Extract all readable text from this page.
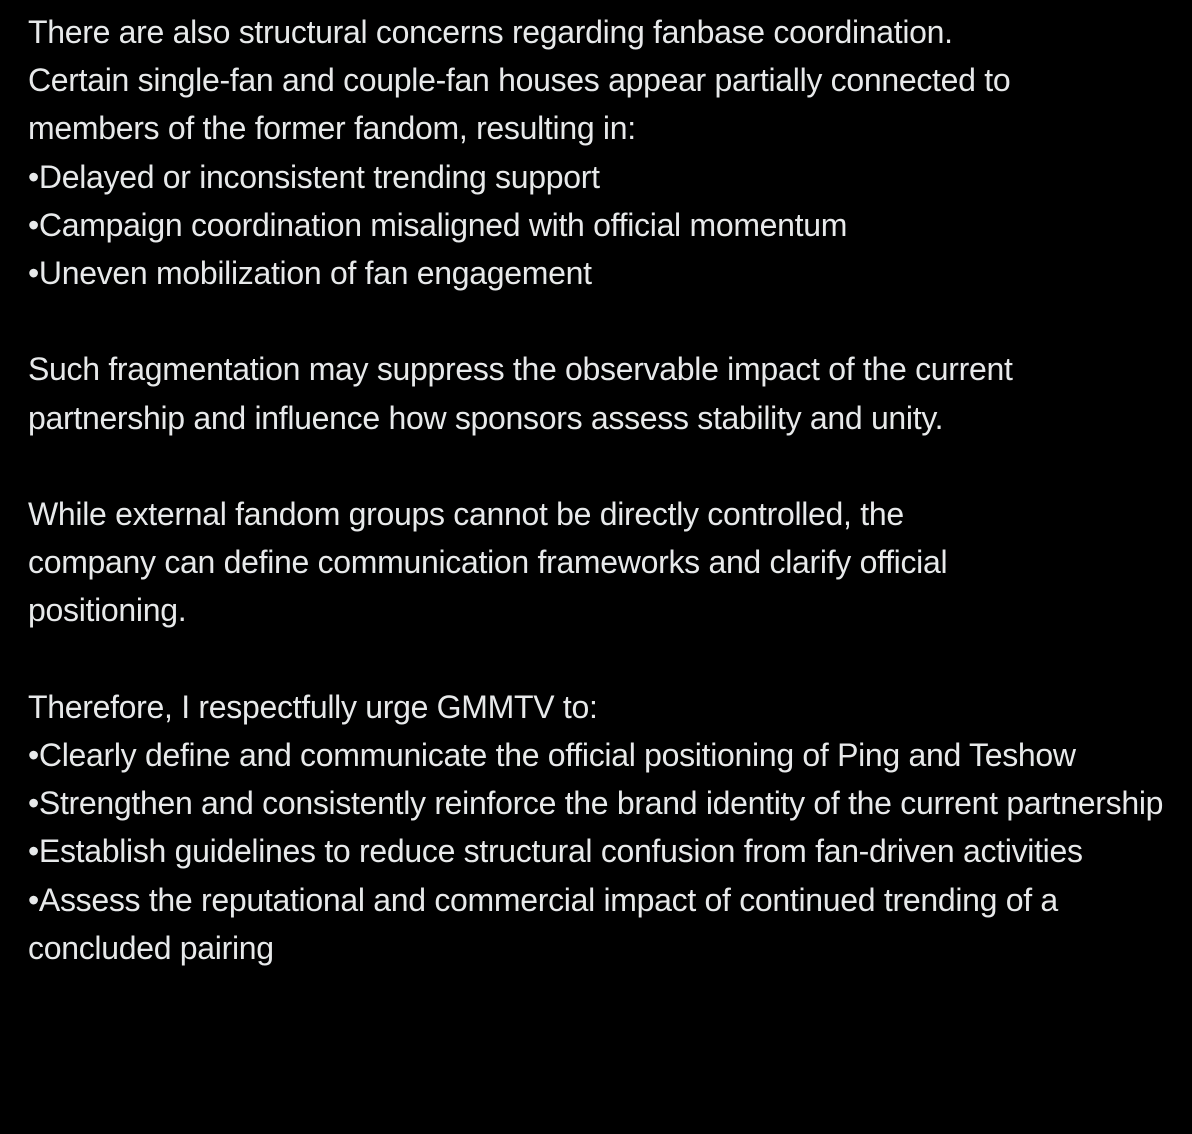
There are also structural concerns regarding fanbase coordination.
Certain single-fan and couple-fan houses appear partially connected to
members of the former fandom, resulting in:
•Delayed or inconsistent trending support
•Campaign coordination misaligned with official momentum
•Uneven mobilization of fan engagement
Such fragmentation may suppress the observable impact of the current
partnership and influence how sponsors assess stability and unity.
While external fandom groups cannot be directly controlled, the
company can define communication frameworks and clarify official
positioning.
Therefore, I respectfully urge GMMTV to:
•Clearly define and communicate the official positioning of Ping and Teshow
•Strengthen and consistently reinforce the brand identity of the current partnership
•Establish guidelines to reduce structural confusion from fan-driven activities
•Assess the reputational and commercial impact of continued trending of a concluded pairing
